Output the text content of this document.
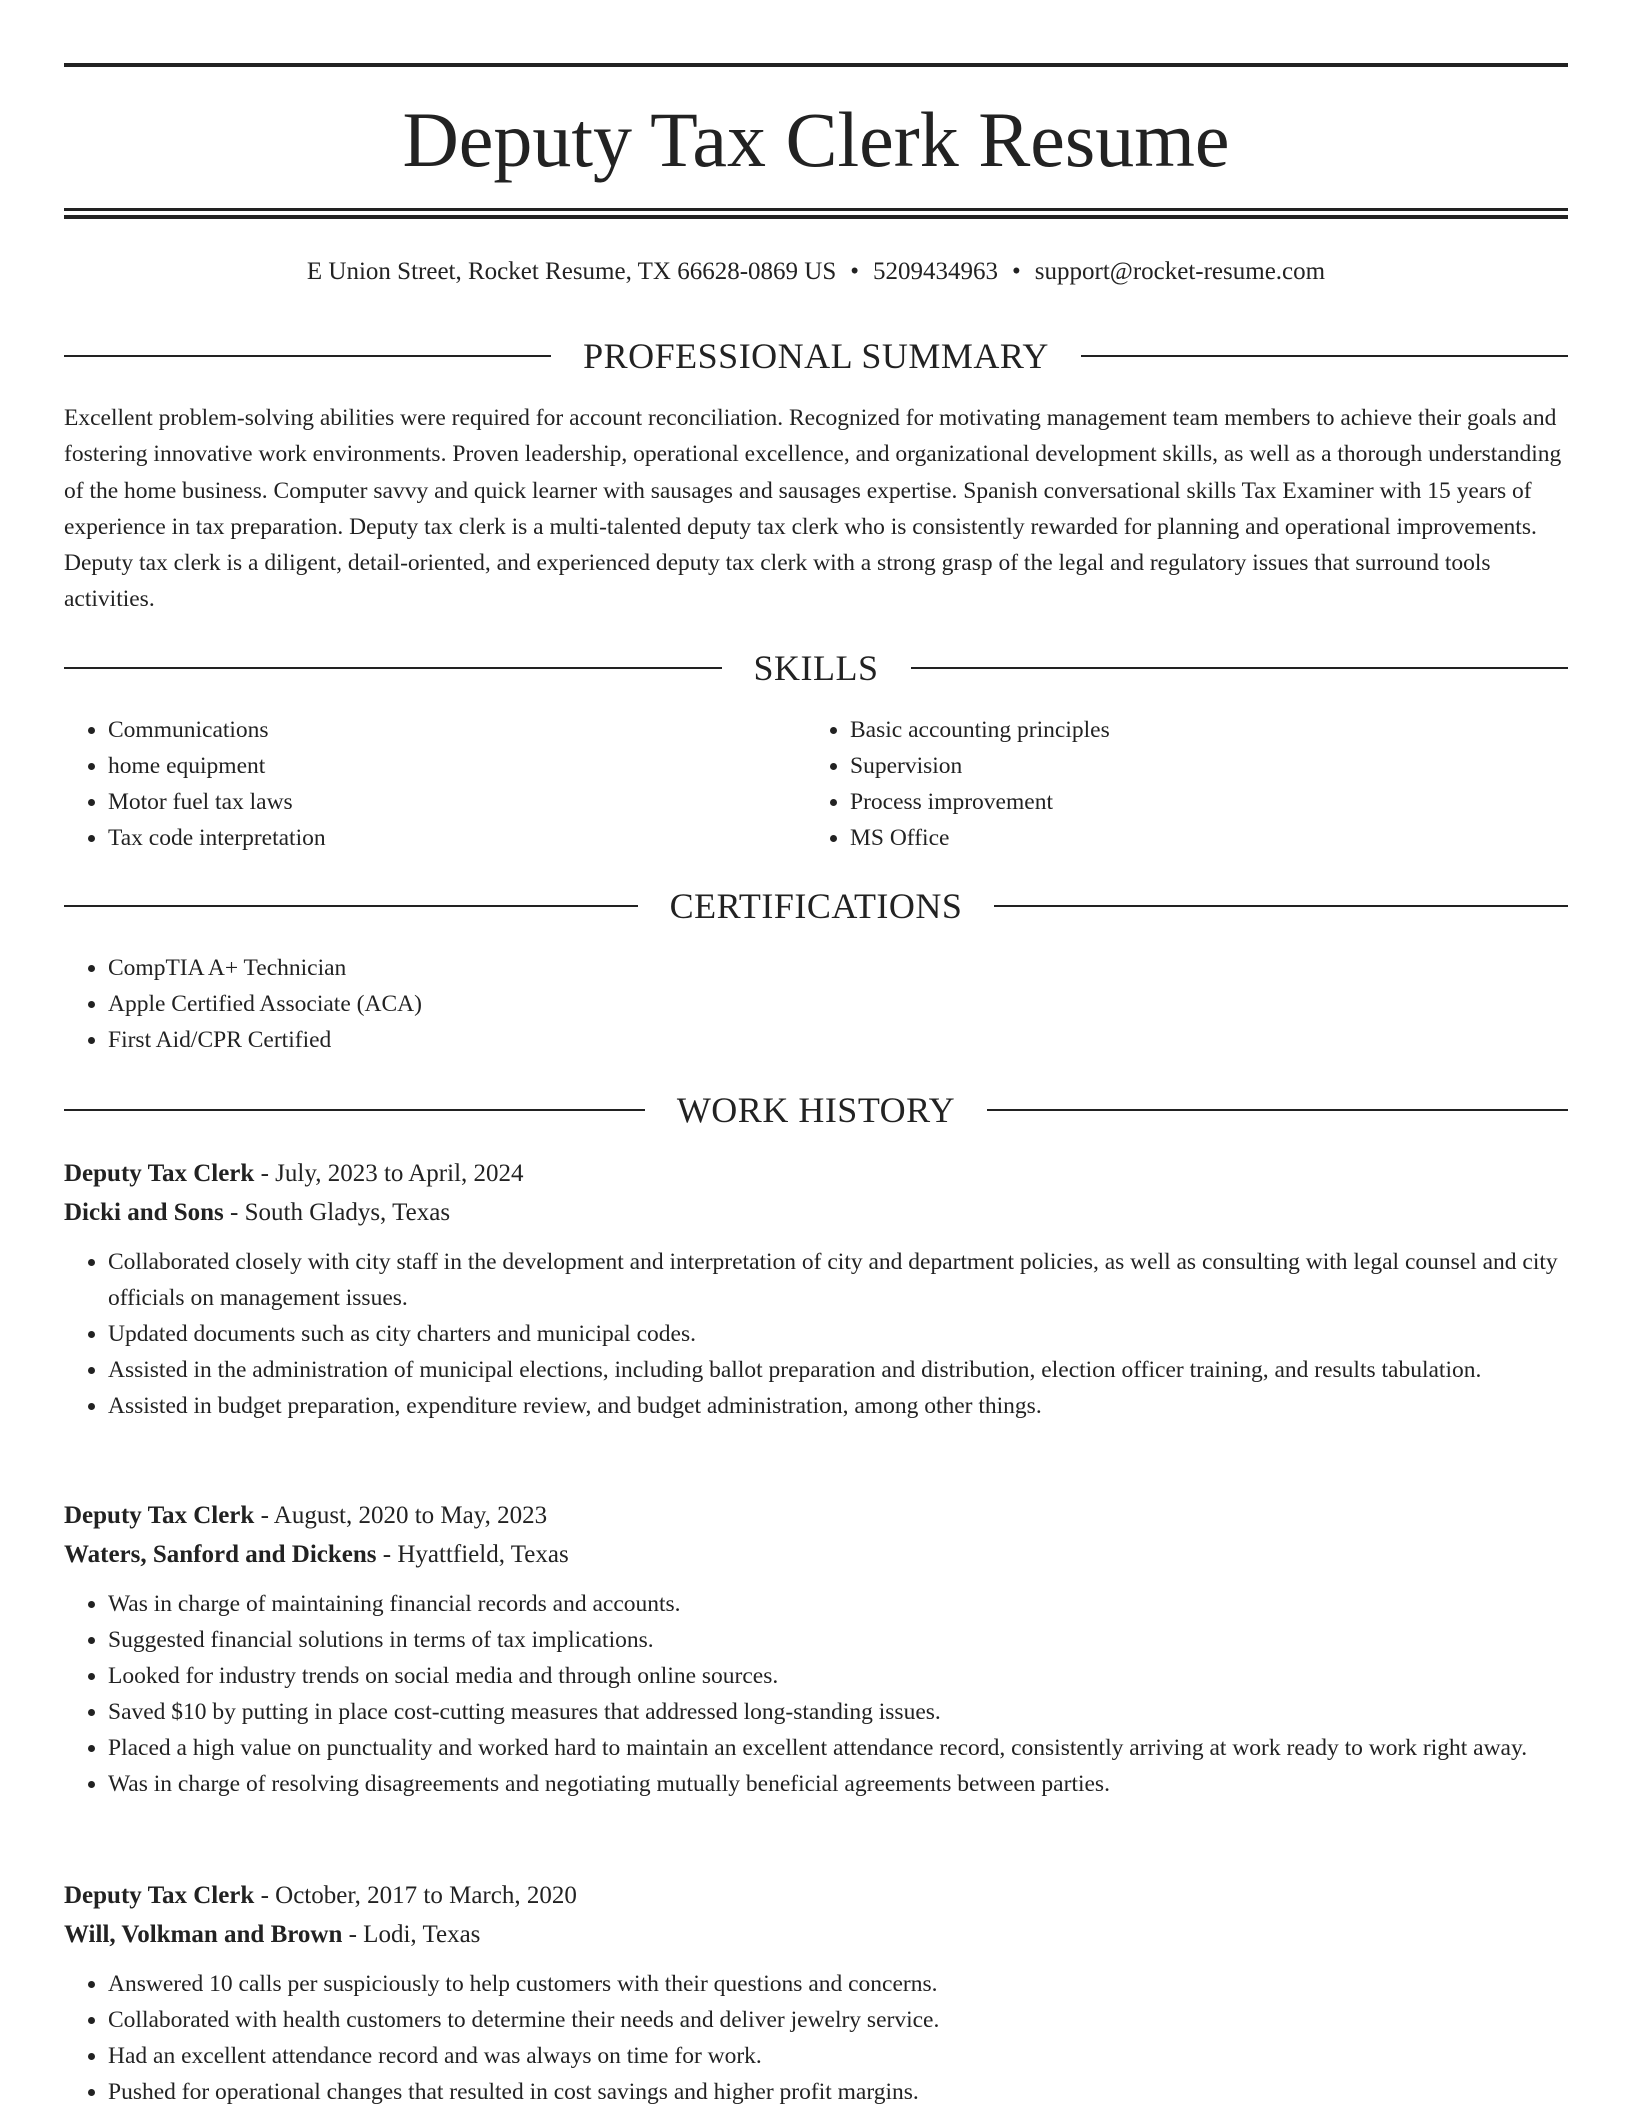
Deputy Tax Clerk Resume
E Union Street, Rocket Resume, TX 66628-0869 US • 5209434963 • support@rocket-resume.com
PROFESSIONAL SUMMARY

Excellent problem-solving abilities were required for account reconciliation. Recognized for motivating management team members to achieve their goals and fostering innovative work environments. Proven leadership, operational excellence, and organizational development skills, as well as a thorough understanding of the home business. Computer savvy and quick learner with sausages and sausages expertise. Spanish conversational skills Tax Examiner with 15 years of experience in tax preparation. Deputy tax clerk is a multi-talented deputy tax clerk who is consistently rewarded for planning and operational improvements. Deputy tax clerk is a diligent, detail-oriented, and experienced deputy tax clerk with a strong grasp of the legal and regulatory issues that surround tools activities.

SKILLS
• Communications
• home equipment
• Motor fuel tax laws
• Tax code interpretation
• Basic accounting principles
• Supervision
• Process improvement
• MS Office
CERTIFICATIONS
• CompTIA A+ Technician
• Apple Certified Associate (ACA)
• First Aid/CPR Certified
WORK HISTORY
Deputy Tax Clerk - July, 2023 to April, 2024
Dicki and Sons - South Gladys, Texas
• Collaborated closely with city staff in the development and interpretation of city and department policies, as well as consulting with legal counsel and city officials on management issues.
• Updated documents such as city charters and municipal codes.
• Assisted in the administration of municipal elections, including ballot preparation and distribution, election officer training, and results tabulation.
• Assisted in budget preparation, expenditure review, and budget administration, among other things.
Deputy Tax Clerk - August, 2020 to May, 2023
Waters, Sanford and Dickens - Hyattfield, Texas
• Was in charge of maintaining financial records and accounts.
• Suggested financial solutions in terms of tax implications.
• Looked for industry trends on social media and through online sources.
• Saved $10 by putting in place cost-cutting measures that addressed long-standing issues.
• Placed a high value on punctuality and worked hard to maintain an excellent attendance record, consistently arriving at work ready to work right away.
• Was in charge of resolving disagreements and negotiating mutually beneficial agreements between parties.
Deputy Tax Clerk - October, 2017 to March, 2020
Will, Volkman and Brown - Lodi, Texas
• Answered 10 calls per suspiciously to help customers with their questions and concerns.
• Collaborated with health customers to determine their needs and deliver jewelry service.
• Had an excellent attendance record and was always on time for work.
• Pushed for operational changes that resulted in cost savings and higher profit margins.
